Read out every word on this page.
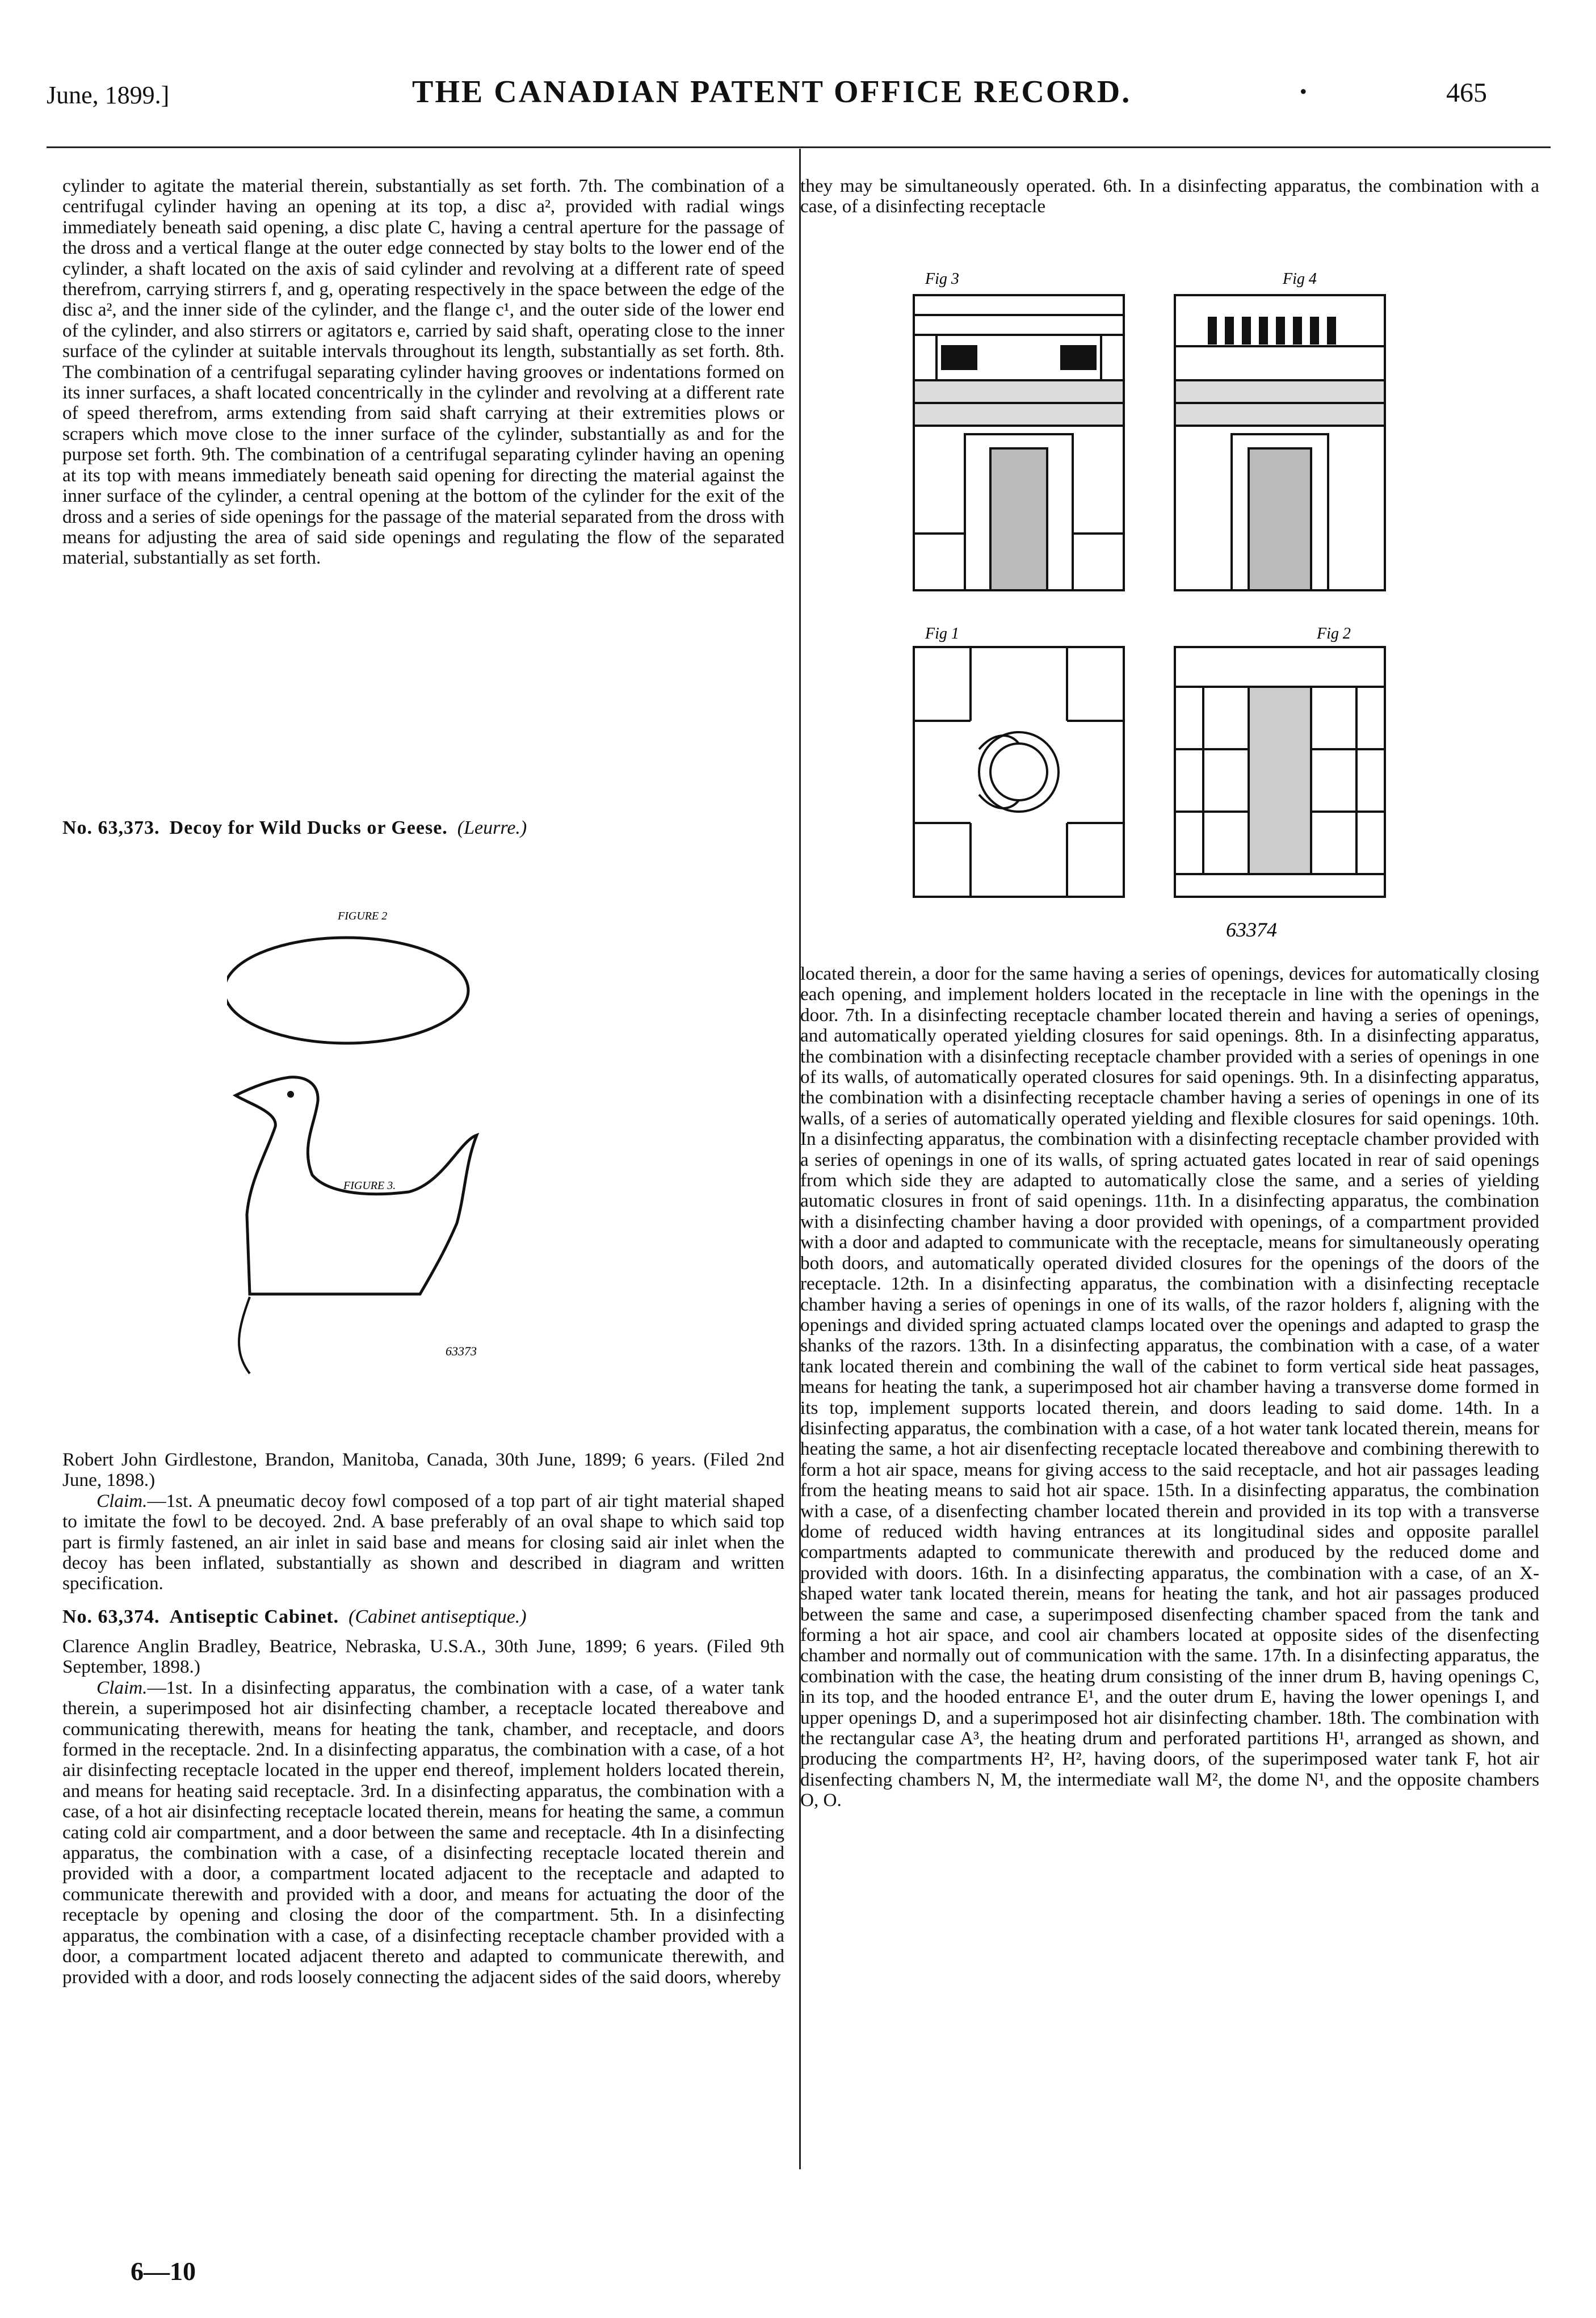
June, 1899.]	THE CANADIAN PATENT OFFICE RECORD.	•	465

cylinder to agitate the material therein, substantially as set forth. 7th. The combination of a centrifugal cylinder having an opening at its top, a disc a², provided with radial wings immediately beneath said opening, a disc plate C, having a central aperture for the passage of the dross and a vertical flange at the outer edge connected by stay bolts to the lower end of the cylinder, a shaft located on the axis of said cylinder and revolving at a different rate of speed therefrom, carrying stirrers f, and g, operating respectively in the space between the edge of the disc a², and the inner side of the cylinder, and the flange c¹, and the outer side of the lower end of the cylinder, and also stirrers or agitators e, carried by said shaft, operating close to the inner surface of the cylinder at suitable intervals throughout its length, substantially as set forth. 8th. The combination of a centrifugal separating cylinder having grooves or indentations formed on its inner surfaces, a shaft located concentrically in the cylinder and revolving at a different rate of speed therefrom, arms extending from said shaft carrying at their extremities plows or scrapers which move close to the inner surface of the cylinder, substantially as and for the purpose set forth. 9th. The combination of a centrifugal separating cylinder having an opening at its top with means immediately beneath said opening for directing the material against the inner surface of the cylinder, a central opening at the bottom of the cylinder for the exit of the dross and a series of side openings for the passage of the material separated from the dross with means for adjusting the area of said side openings and regulating the flow of the separated material, substantially as set forth.

No. 63,373. Decoy for Wild Ducks or Geese. (Leurre.)

FIGURE 2
FIGURE 3.
63373

Robert John Girdlestone, Brandon, Manitoba, Canada, 30th June, 1899; 6 years. (Filed 2nd June, 1898.)

Claim.—1st. A pneumatic decoy fowl composed of a top part of air tight material shaped to imitate the fowl to be decoyed. 2nd. A base preferably of an oval shape to which said top part is firmly fastened, an air inlet in said base and means for closing said air inlet when the decoy has been inflated, substantially as shown and described in diagram and written specification.

No. 63,374. Antiseptic Cabinet. (Cabinet antiseptique.)

Clarence Anglin Bradley, Beatrice, Nebraska, U.S.A., 30th June, 1899; 6 years. (Filed 9th September, 1898.)

Claim.—1st. In a disinfecting apparatus, the combination with a case, of a water tank therein, a superimposed hot air disinfecting chamber, a receptacle located thereabove and communicating therewith, means for heating the tank, chamber, and receptacle, and doors formed in the receptacle. 2nd. In a disinfecting apparatus, the combination with a case, of a hot air disinfecting receptacle located in the upper end thereof, implement holders located therein, and means for heating said receptacle. 3rd. In a disinfecting apparatus, the combination with a case, of a hot air disinfecting receptacle located therein, means for heating the same, a commun cating cold air compartment, and a door between the same and receptacle. 4th In a disinfecting apparatus, the combination with a case, of a disinfecting receptacle located therein and provided with a door, a compartment located adjacent to the receptacle and adapted to communicate therewith and provided with a door, and means for actuating the door of the receptacle by opening and closing the door of the compartment. 5th. In a disinfecting apparatus, the combination with a case, of a disinfecting receptacle chamber provided with a door, a compartment located adjacent thereto and adapted to communicate therewith, and provided with a door, and rods loosely connecting the adjacent sides of the said doors, whereby

they may be simultaneously operated. 6th. In a disinfecting apparatus, the combination with a case, of a disinfecting receptacle

Fig 3	Fig 4
Fig 1	Fig 2
63374

located therein, a door for the same having a series of openings, devices for automatically closing each opening, and implement holders located in the receptacle in line with the openings in the door. 7th. In a disinfecting receptacle chamber located therein and having a series of openings, and automatically operated yielding closures for said openings. 8th. In a disinfecting apparatus, the combination with a disinfecting receptacle chamber provided with a series of openings in one of its walls, of automatically operated closures for said openings. 9th. In a disinfecting apparatus, the combination with a disinfecting receptacle chamber having a series of openings in one of its walls, of a series of automatically operated yielding and flexible closures for said openings. 10th. In a disinfecting apparatus, the combination with a disinfecting receptacle chamber provided with a series of openings in one of its walls, of spring actuated gates located in rear of said openings from which side they are adapted to automatically close the same, and a series of yielding automatic closures in front of said openings. 11th. In a disinfecting apparatus, the combination with a disinfecting chamber having a door provided with openings, of a compartment provided with a door and adapted to communicate with the receptacle, means for simultaneously operating both doors, and automatically operated divided closures for the openings of the doors of the receptacle. 12th. In a disinfecting apparatus, the combination with a disinfecting receptacle chamber having a series of openings in one of its walls, of the razor holders f, aligning with the openings and divided spring actuated clamps located over the openings and adapted to grasp the shanks of the razors. 13th. In a disinfecting apparatus, the combination with a case, of a water tank located therein and combining the wall of the cabinet to form vertical side heat passages, means for heating the tank, a superimposed hot air chamber having a transverse dome formed in its top, implement supports located therein, and doors leading to said dome. 14th. In a disinfecting apparatus, the combination with a case, of a hot water tank located therein, means for heating the same, a hot air disenfecting receptacle located thereabove and combining therewith to form a hot air space, means for giving access to the said receptacle, and hot air passages leading from the heating means to said hot air space. 15th. In a disinfecting apparatus, the combination with a case, of a disenfecting chamber located therein and provided in its top with a transverse dome of reduced width having entrances at its longitudinal sides and opposite parallel compartments adapted to communicate therewith and produced by the reduced dome and provided with doors. 16th. In a disinfecting apparatus, the combination with a case, of an X-shaped water tank located therein, means for heating the tank, and hot air passages produced between the same and case, a superimposed disenfecting chamber spaced from the tank and forming a hot air space, and cool air chambers located at opposite sides of the disenfecting chamber and normally out of communication with the same. 17th. In a disinfecting apparatus, the combination with the case, the heating drum consisting of the inner drum B, having openings C, in its top, and the hooded entrance E¹, and the outer drum E, having the lower openings I, and upper openings D, and a superimposed hot air disinfecting chamber. 18th. The combination with the rectangular case A³, the heating drum and perforated partitions H¹, arranged as shown, and producing the compartments H², H², having doors, of the superimposed water tank F, hot air disenfecting chambers N, M, the intermediate wall M², the dome N¹, and the opposite chambers O, O.

6—10
